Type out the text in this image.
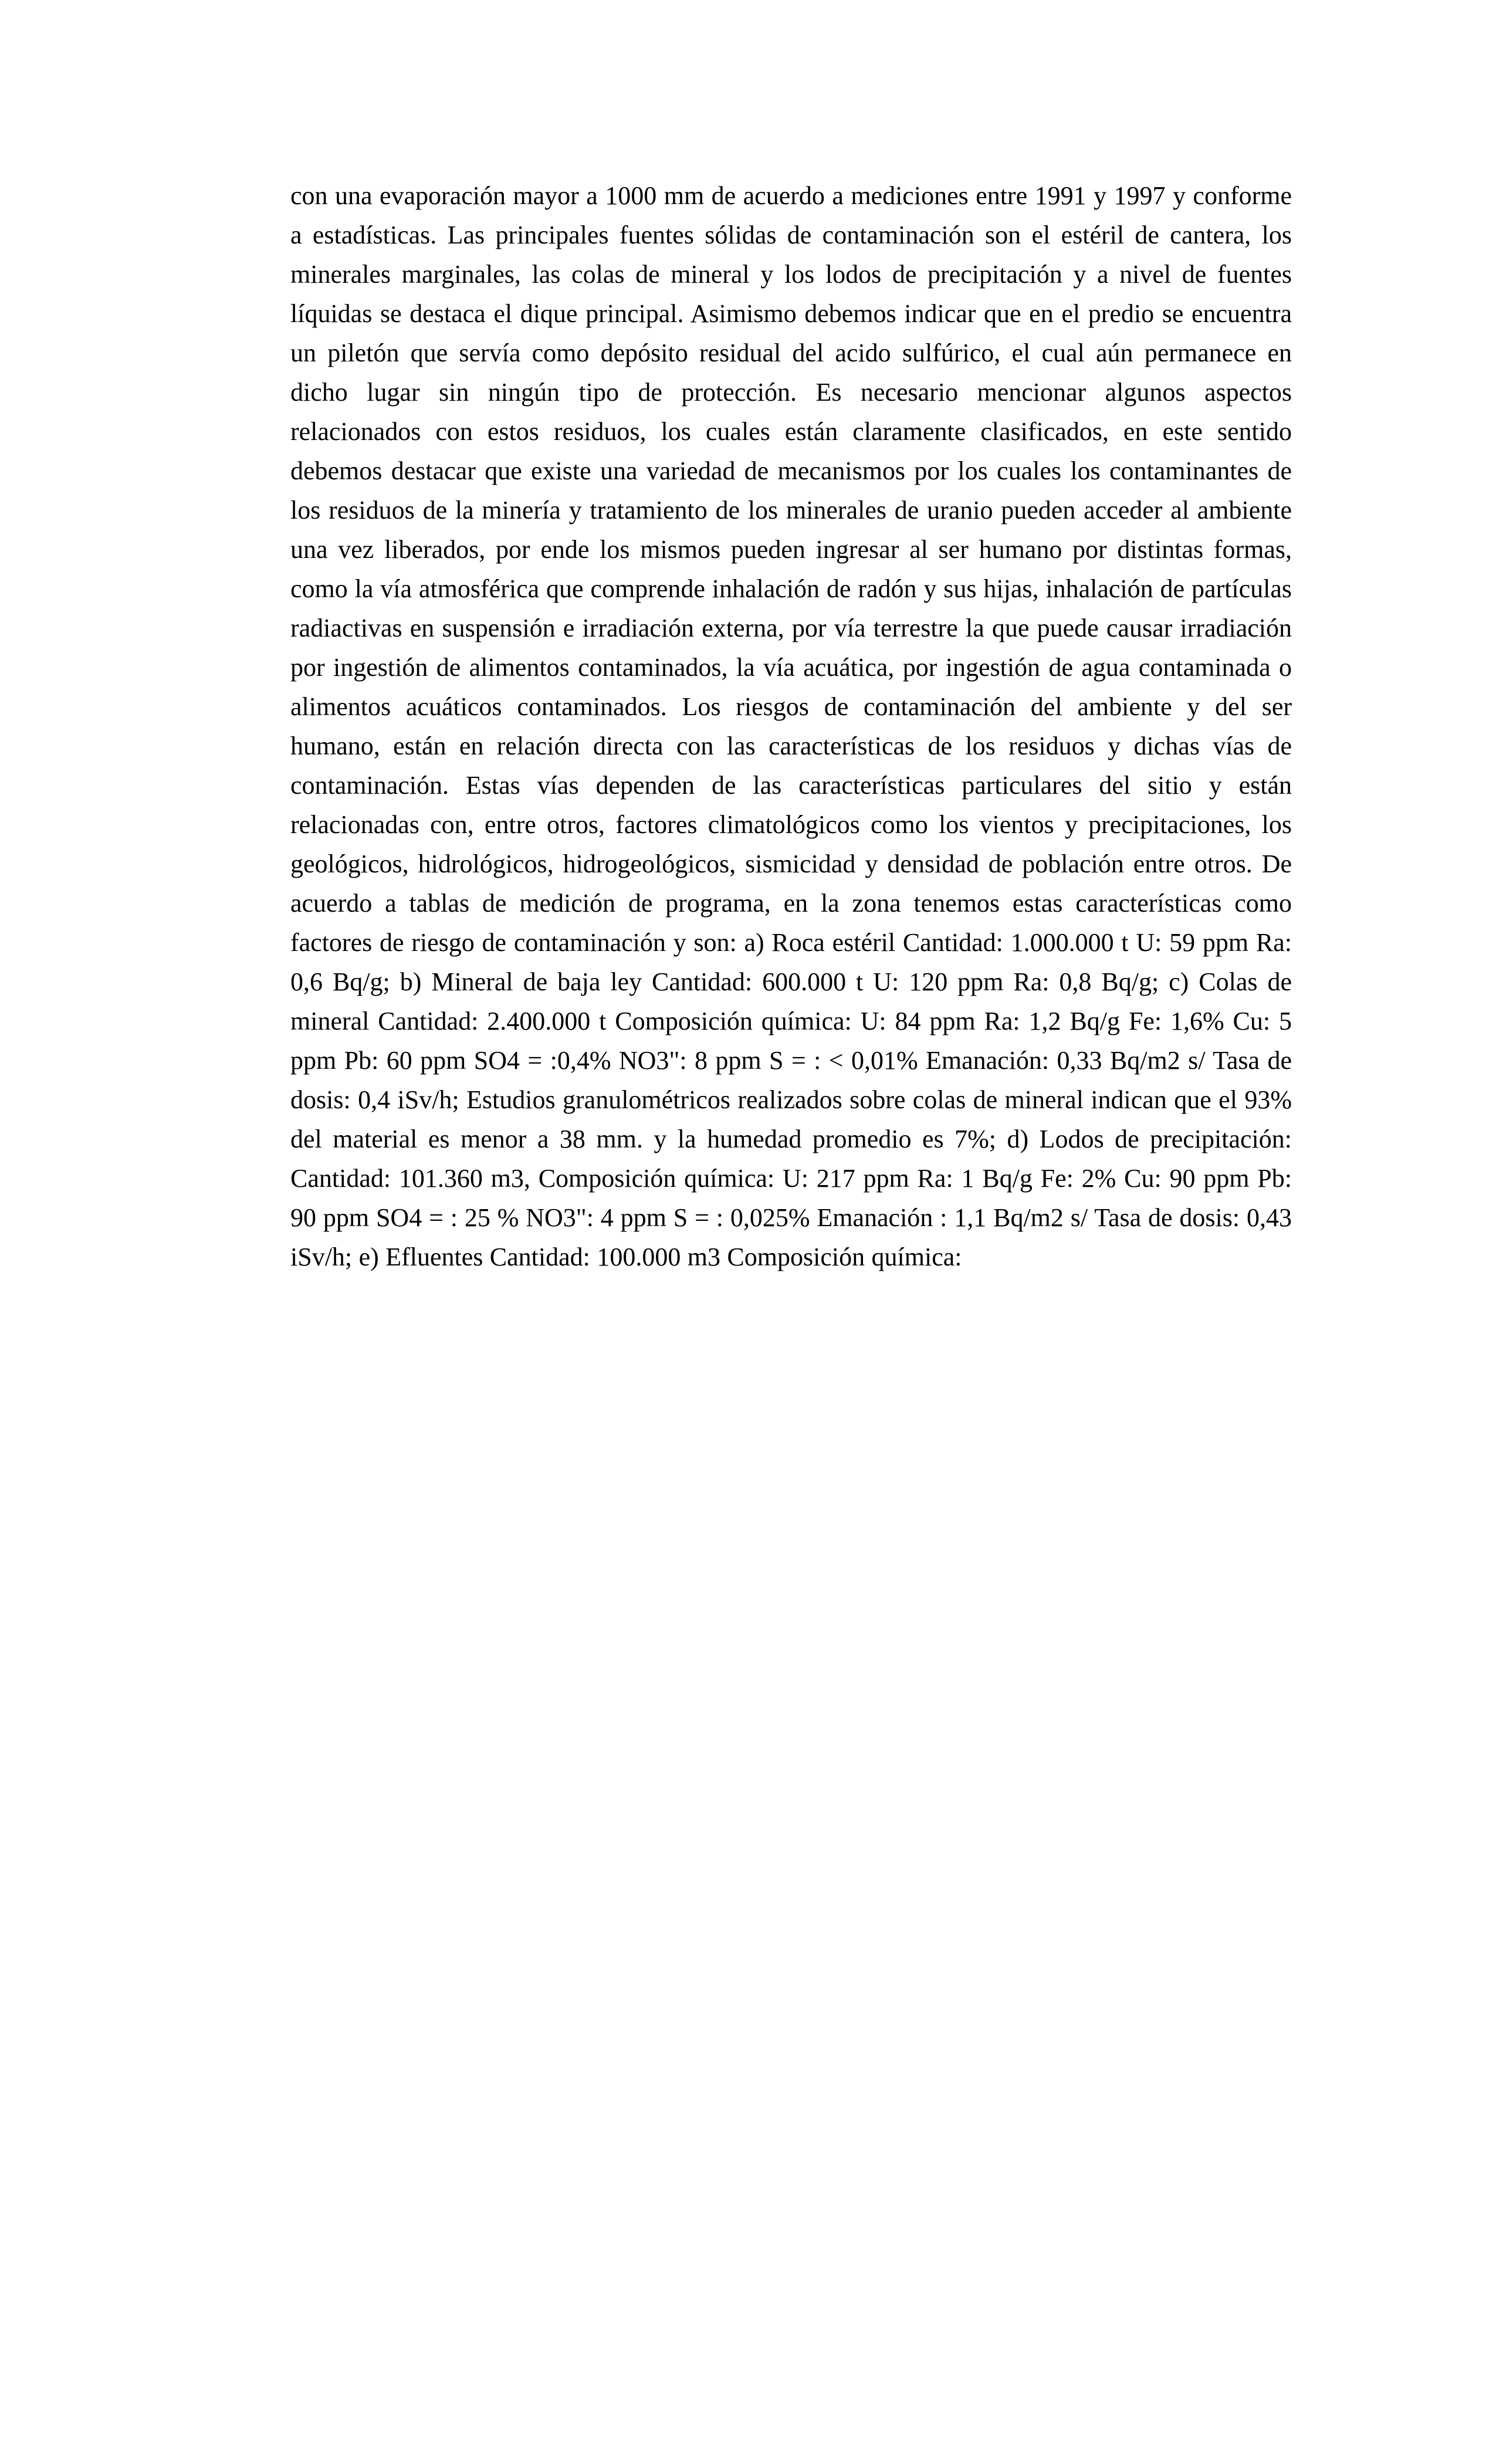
con una evaporación mayor a 1000 mm de acuerdo a mediciones entre 1991 y 1997 y conforme a estadísticas. Las principales fuentes sólidas de contaminación son el estéril de cantera, los minerales marginales, las colas de mineral y los lodos de precipitación y a nivel de fuentes líquidas se destaca el dique principal. Asimismo debemos indicar que en el predio se encuentra un piletón que servía como depósito residual del acido sulfúrico, el cual aún permanece en dicho lugar sin ningún tipo de protección. Es necesario mencionar algunos aspectos relacionados con estos residuos, los cuales están claramente clasificados, en este sentido debemos destacar que existe una variedad de mecanismos por los cuales los contaminantes de los residuos de la minería y tratamiento de los minerales de uranio pueden acceder al ambiente una vez liberados, por ende los mismos pueden ingresar al ser humano por distintas formas, como la vía atmosférica que comprende inhalación de radón y sus hijas, inhalación de partículas radiactivas en suspensión e irradiación externa, por vía terrestre la que puede causar irradiación por ingestión de alimentos contaminados, la vía acuática, por ingestión de agua contaminada o alimentos acuáticos contaminados. Los riesgos de contaminación del ambiente y del ser humano, están en relación directa con las características de los residuos y dichas vías de contaminación. Estas vías dependen de las características particulares del sitio y están relacionadas con, entre otros, factores climatológicos como los vientos y precipitaciones, los geológicos, hidrológicos, hidrogeológicos, sismicidad y densidad de población entre otros. De acuerdo a tablas de medición de programa, en la zona tenemos estas características como factores de riesgo de contaminación y son: a) Roca estéril Cantidad: 1.000.000 t U: 59 ppm Ra: 0,6 Bq/g; b) Mineral de baja ley Cantidad: 600.000 t U: 120 ppm Ra: 0,8 Bq/g; c) Colas de mineral Cantidad: 2.400.000 t Composición química: U: 84 ppm Ra: 1,2 Bq/g Fe: 1,6% Cu: 5 ppm Pb: 60 ppm SO4 = :0,4% NO3": 8 ppm S = : < 0,01% Emanación: 0,33 Bq/m2 s/ Tasa de dosis: 0,4 iSv/h; Estudios granulométricos realizados sobre colas de mineral indican que el 93% del material es menor a 38 mm. y la humedad promedio es 7%; d) Lodos de precipitación: Cantidad: 101.360 m3, Composición química: U: 217 ppm Ra: 1 Bq/g Fe: 2% Cu: 90 ppm Pb: 90 ppm SO4 = : 25 % NO3": 4 ppm S = : 0,025% Emanación : 1,1 Bq/m2 s/ Tasa de dosis: 0,43 iSv/h; e) Efluentes Cantidad: 100.000 m3 Composición química:
